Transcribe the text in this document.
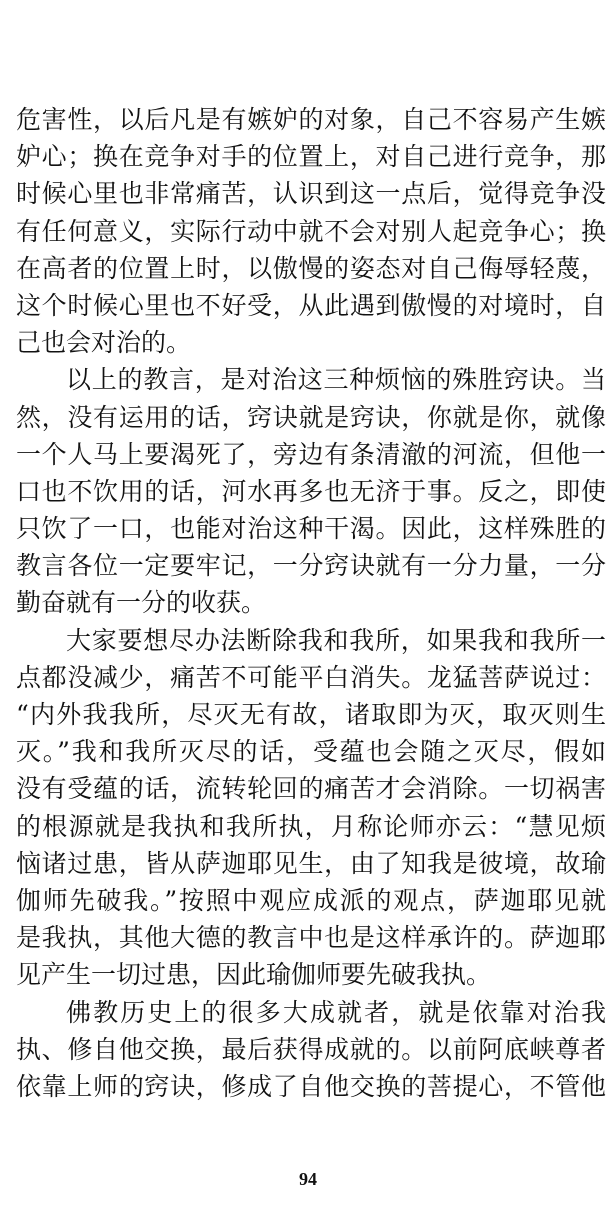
危害性，以后凡是有嫉妒的对象，自己不容易产生嫉
妒心；换在竞争对手的位置上，对自己进行竞争，那
时候心里也非常痛苦，认识到这一点后，觉得竞争没
有任何意义，实际行动中就不会对别人起竞争心；换
在高者的位置上时，以傲慢的姿态对自己侮辱轻蔑，
这个时候心里也不好受，从此遇到傲慢的对境时，自
己也会对治的。
以上的教言，是对治这三种烦恼的殊胜窍诀。当
然，没有运用的话，窍诀就是窍诀，你就是你，就像
一个人马上要渴死了，旁边有条清澈的河流，但他一
口也不饮用的话，河水再多也无济于事。反之，即使
只饮了一口，也能对治这种干渴。因此，这样殊胜的
教言各位一定要牢记，一分窍诀就有一分力量，一分
勤奋就有一分的收获。
大家要想尽办法断除我和我所，如果我和我所一
点都没减少，痛苦不可能平白消失。龙猛菩萨说过：
“内外我我所，尽灭无有故，诸取即为灭，取灭则生
灭。”我和我所灭尽的话，受蕴也会随之灭尽，假如
没有受蕴的话，流转轮回的痛苦才会消除。一切祸害
的根源就是我执和我所执，月称论师亦云：“慧见烦
恼诸过患，皆从萨迦耶见生，由了知我是彼境，故瑜
伽师先破我。”按照中观应成派的观点，萨迦耶见就
是我执，其他大德的教言中也是这样承许的。萨迦耶
见产生一切过患，因此瑜伽师要先破我执。
佛教历史上的很多大成就者，就是依靠对治我
执、修自他交换，最后获得成就的。以前阿底峡尊者
依靠上师的窍诀，修成了自他交换的菩提心，不管他
94
